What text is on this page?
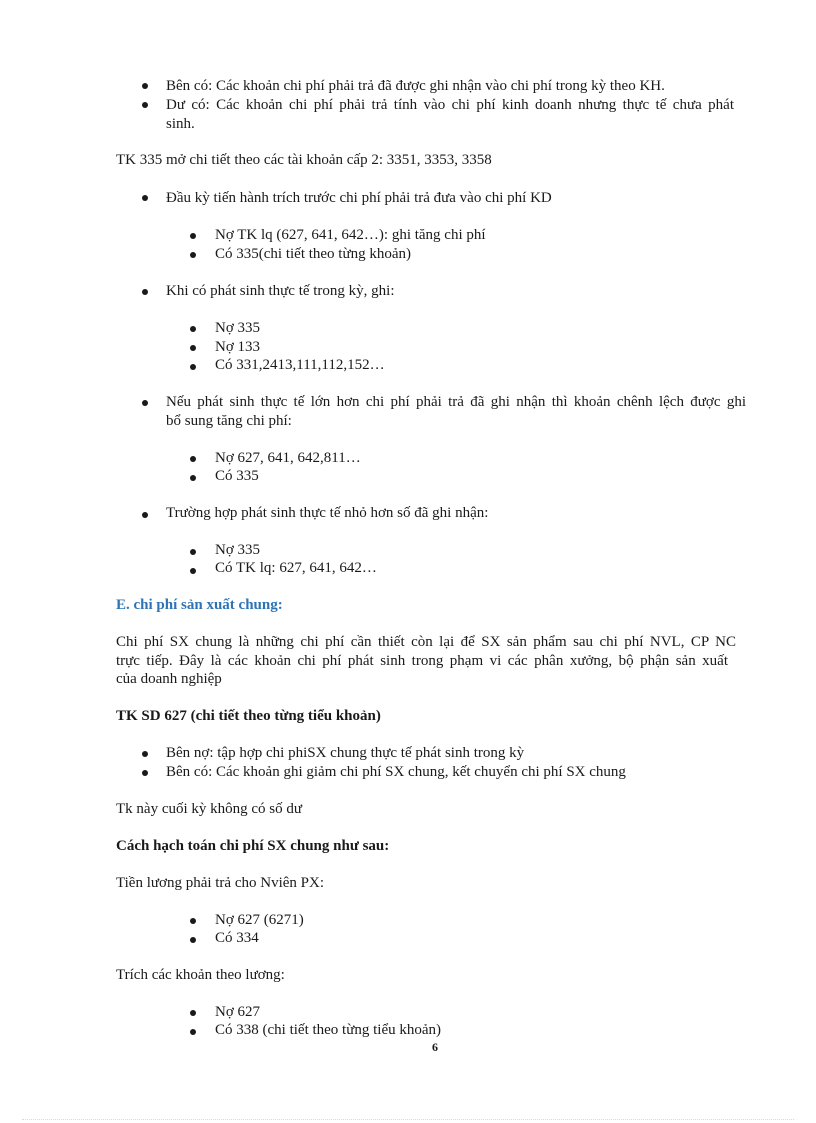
Bên có: Các khoản chi phí phải trả đã được ghi nhận vào chi phí trong kỳ theo KH.
Dư có: Các khoản chi phí phải trả tính vào chi phí kinh doanh nhưng thực tế chưa phát
sinh.
TK 335 mở chi tiết theo các tài khoản cấp 2: 3351, 3353, 3358
Đầu kỳ tiến hành trích trước chi phí phải trả đưa vào chi phí KD
Nợ TK lq (627, 641, 642…): ghi tăng chi phí
Có 335(chi tiết theo từng khoản)
Khi có phát sinh thực tế trong kỳ, ghi:
Nợ 335
Nợ 133
Có 331,2413,111,112,152…
Nếu phát sinh thực tế lớn hơn chi phí phải trả đã ghi nhận thì khoản chênh lệch được ghi
bổ sung tăng chi phí:
Nợ 627, 641, 642,811…
Có 335
Trường hợp phát sinh thực tế nhỏ hơn số đã ghi nhận:
Nợ 335
Có TK lq: 627, 641, 642…
E. chi phí sản xuất chung:
Chi phí SX chung là những chi phí cần thiết còn lại để SX sản phẩm sau chi phí NVL, CP NC
trực tiếp. Đây là các khoản chi phí phát sinh trong phạm vi các phân xưởng, bộ phận sản xuất
của doanh nghiệp
TK SD 627 (chi tiết theo từng tiểu khoản)
Bên nợ: tập hợp chi phiSX chung thực tế phát sinh trong kỳ
Bên có: Các khoản ghi giảm chi phí SX chung, kết chuyển chi phí SX chung
Tk này cuối kỳ không có số dư
Cách hạch toán chi phí SX chung như sau:
Tiền lương phải trả cho Nviên PX:
Nợ 627 (6271)
Có 334
Trích các khoản theo lương:
Nợ 627
Có 338 (chi tiết theo từng tiểu khoản)
6
